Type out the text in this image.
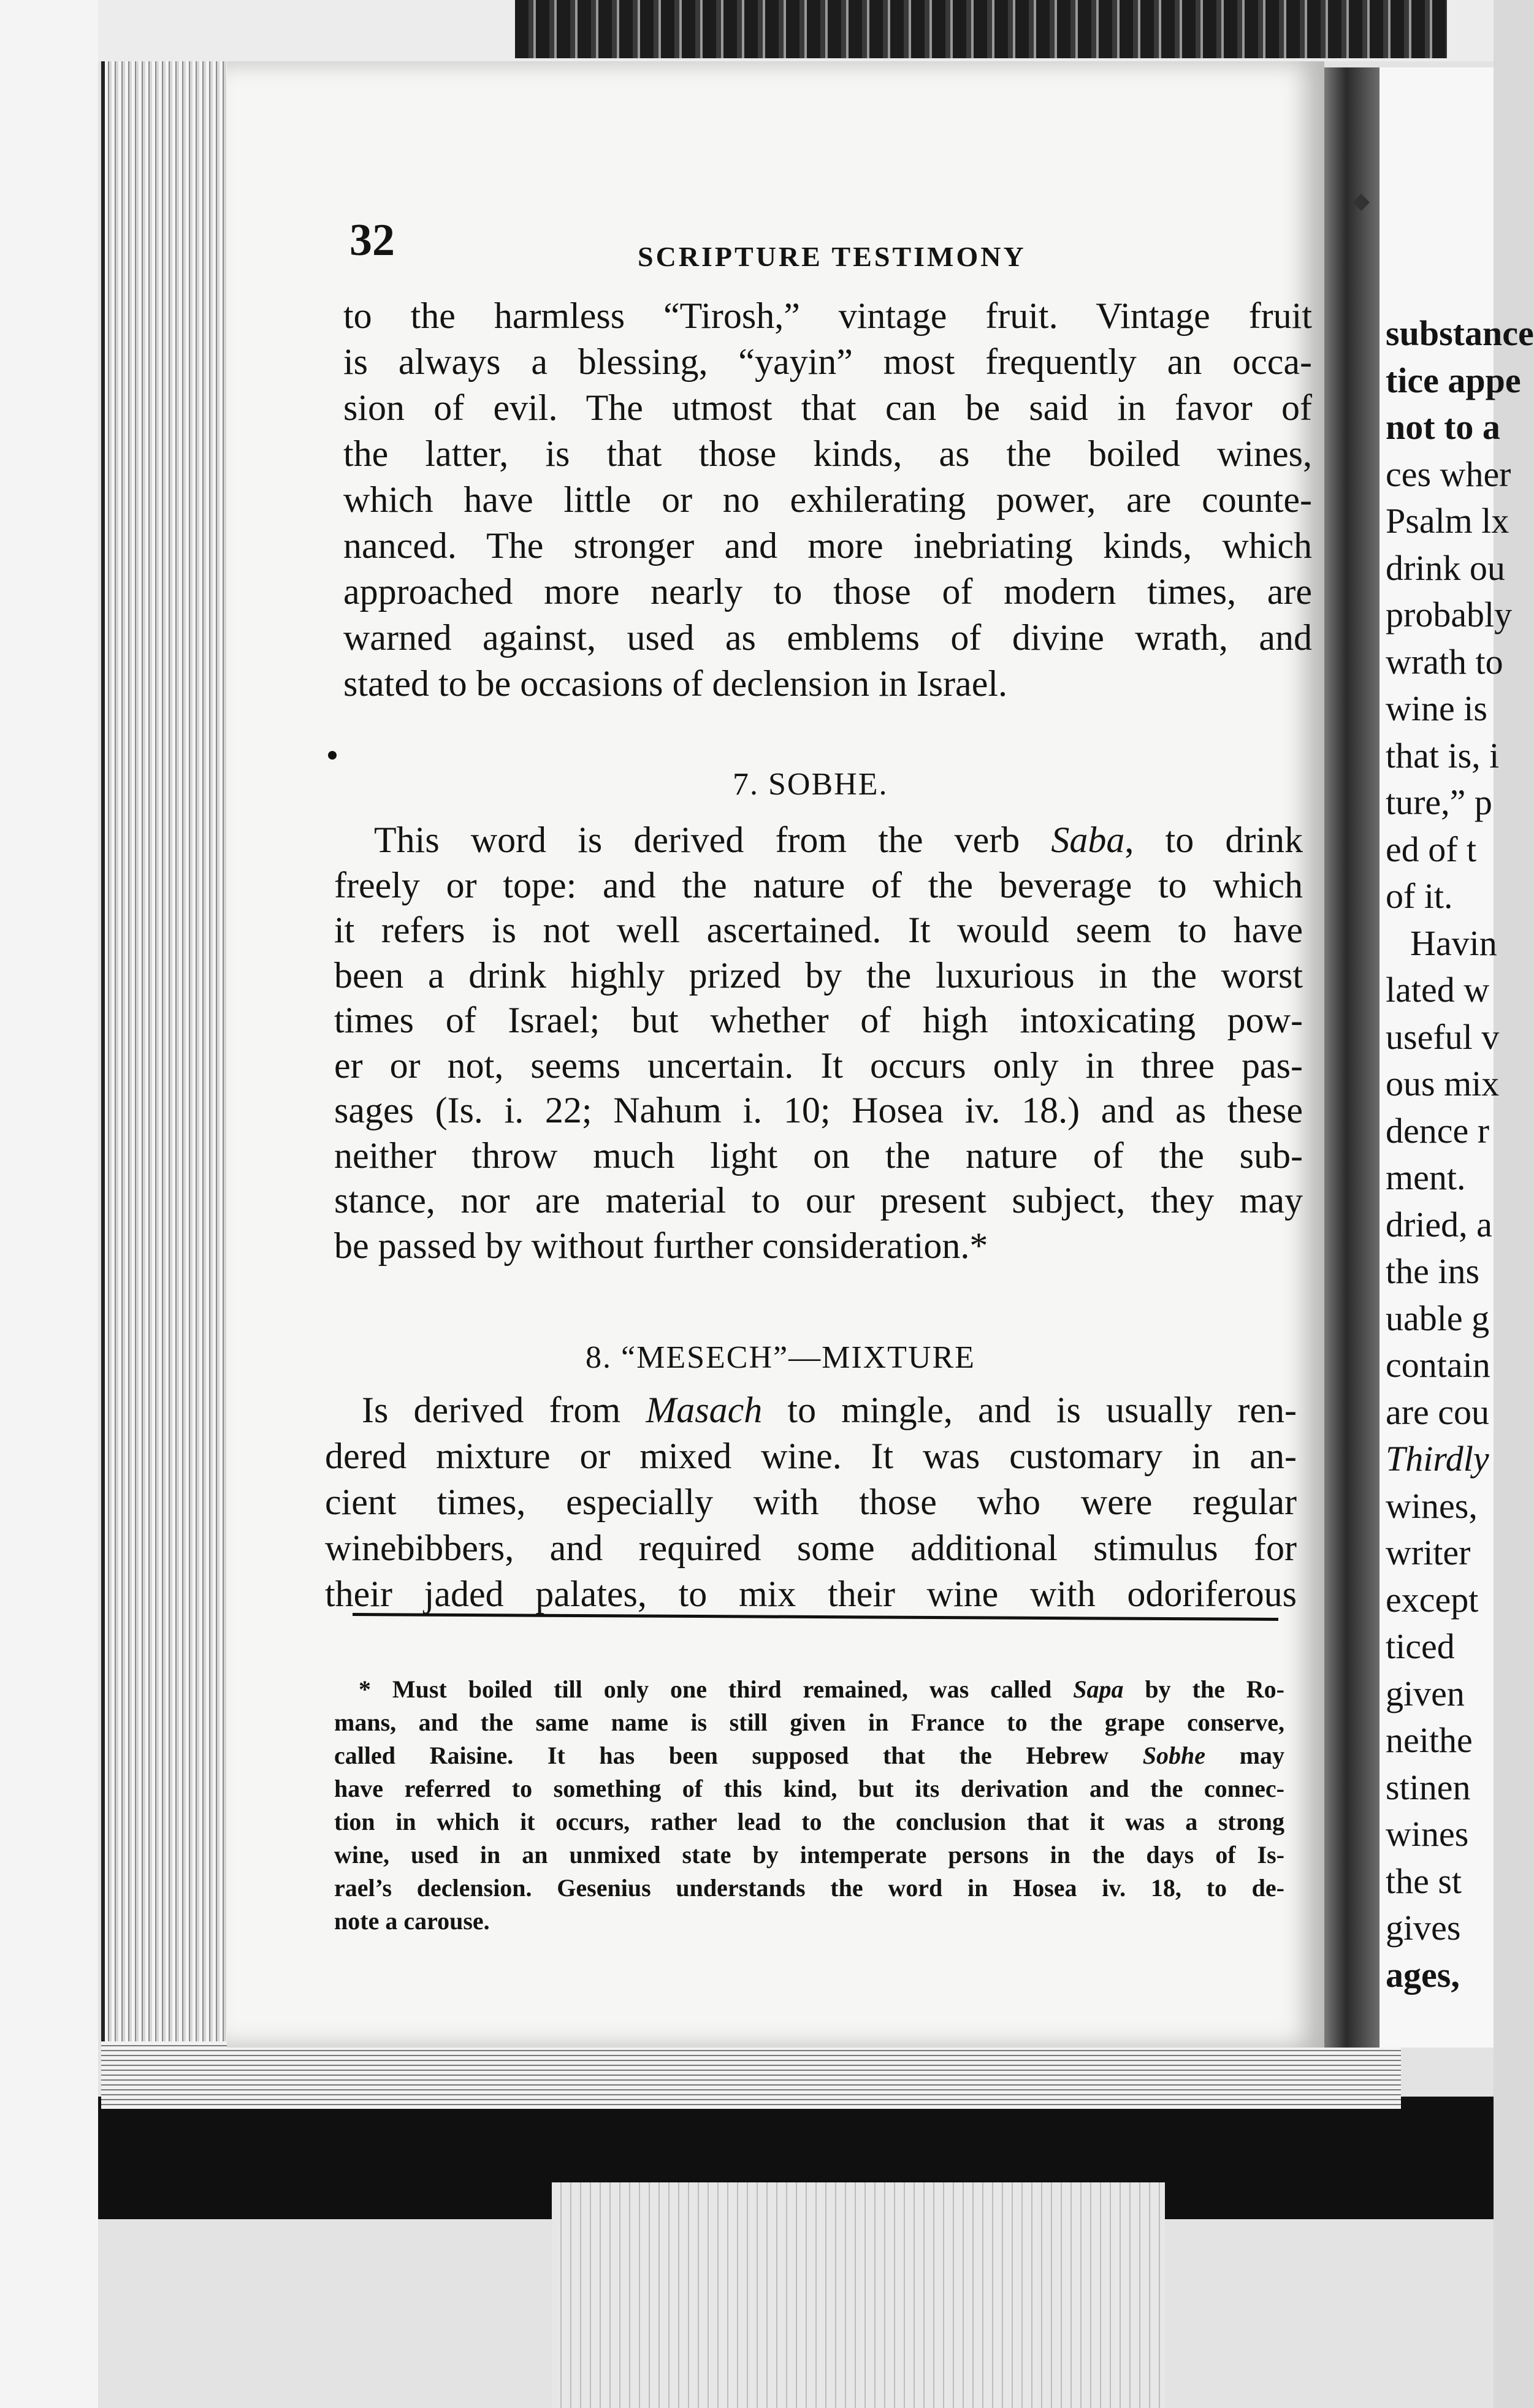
substance
tice appe
not to a
ces wher
Psalm lx
drink ou
probably
wrath to
wine is
that is, i
ture,” p
ed of t
of it.
Havin
lated w
useful v
ous mix
dence r
ment.
dried, a
the ins
uable g
contain
are cou
Thirdly
wines,
writer
except
ticed
given
neithe
stinen
wines
the st
gives
ages,
32	SCRIPTURE TESTIMONY
7. SOBHE.
8. “MESECH”—MIXTURE
to the harmless “Tirosh,” vintage fruit. Vintage fruit
is always a blessing, “yayin” most frequently an occa-
sion of evil. The utmost that can be said in favor of
the latter, is that those kinds, as the boiled wines,
which have little or no exhilerating power, are counte-
nanced. The stronger and more inebriating kinds, which
approached more nearly to those of modern times, are
warned against, used as emblems of divine wrath, and
stated to be occasions of declension in Israel.
This word is derived from the verb Saba, to drink
freely or tope: and the nature of the beverage to which
it refers is not well ascertained. It would seem to have
been a drink highly prized by the luxurious in the worst
times of Israel; but whether of high intoxicating pow-
er or not, seems uncertain. It occurs only in three pas-
sages (Is. i. 22; Nahum i. 10; Hosea iv. 18.) and as these
neither throw much light on the nature of the sub-
stance, nor are material to our present subject, they may
be passed by without further consideration.*
Is derived from Masach to mingle, and is usually ren-
dered mixture or mixed wine. It was customary in an-
cient times, especially with those who were regular
winebibbers, and required some additional stimulus for
their jaded palates, to mix their wine with odoriferous
* Must boiled till only one third remained, was called Sapa by the Ro-
mans, and the same name is still given in France to the grape conserve,
called Raisine. It has been supposed that the Hebrew Sobhe may
have referred to something of this kind, but its derivation and the connec-
tion in which it occurs, rather lead to the conclusion that it was a strong
wine, used in an unmixed state by intemperate persons in the days of Is-
rael’s declension. Gesenius understands the word in Hosea iv. 18, to de-
note a carouse.
